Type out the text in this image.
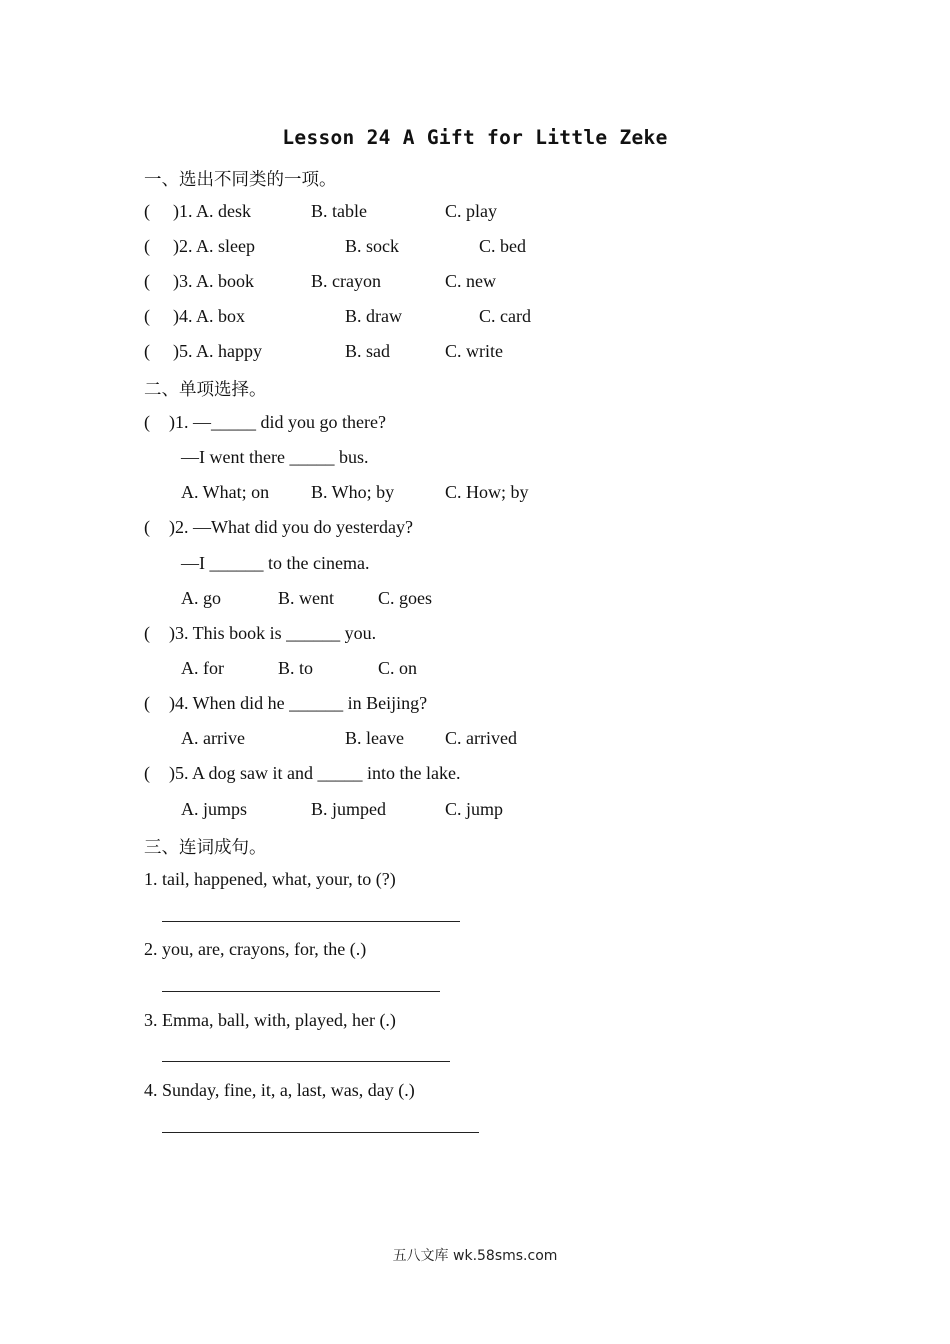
Lesson 24 A Gift for Little Zeke
一、选出不同类的一项。
( )1. A. desk	B. table	C. play
( )2. A. sleep	B. sock	C. bed
( )3. A. book	B. crayon	C. new
( )4. A. box	B. draw	C. card
( )5. A. happy	B. sad	C. write
二、单项选择。
( )1. —_____ did you go there?
—I went there _____ bus.
A. What; on B. Who; by	C. How; by
( )2. —What did you do yesterday?
—I ______ to the cinema.
A. go	B. went C. goes
( )3. This book is ______ you.
A. for	B. to	C. on
( )4. When did he ______ in Beijing?
A. arrive	B. leave C. arrived
( )5. A dog saw it and _____ into the lake.
A. jumps	B. jumped	C. jump
三、连词成句。
1. tail, happened, what, your, to (?)
2. you, are, crayons, for, the (.)
3. Emma, ball, with, played, her (.)
4. Sunday, fine, it, a, last, was, day (.)
五八文库 wk.58sms.com
